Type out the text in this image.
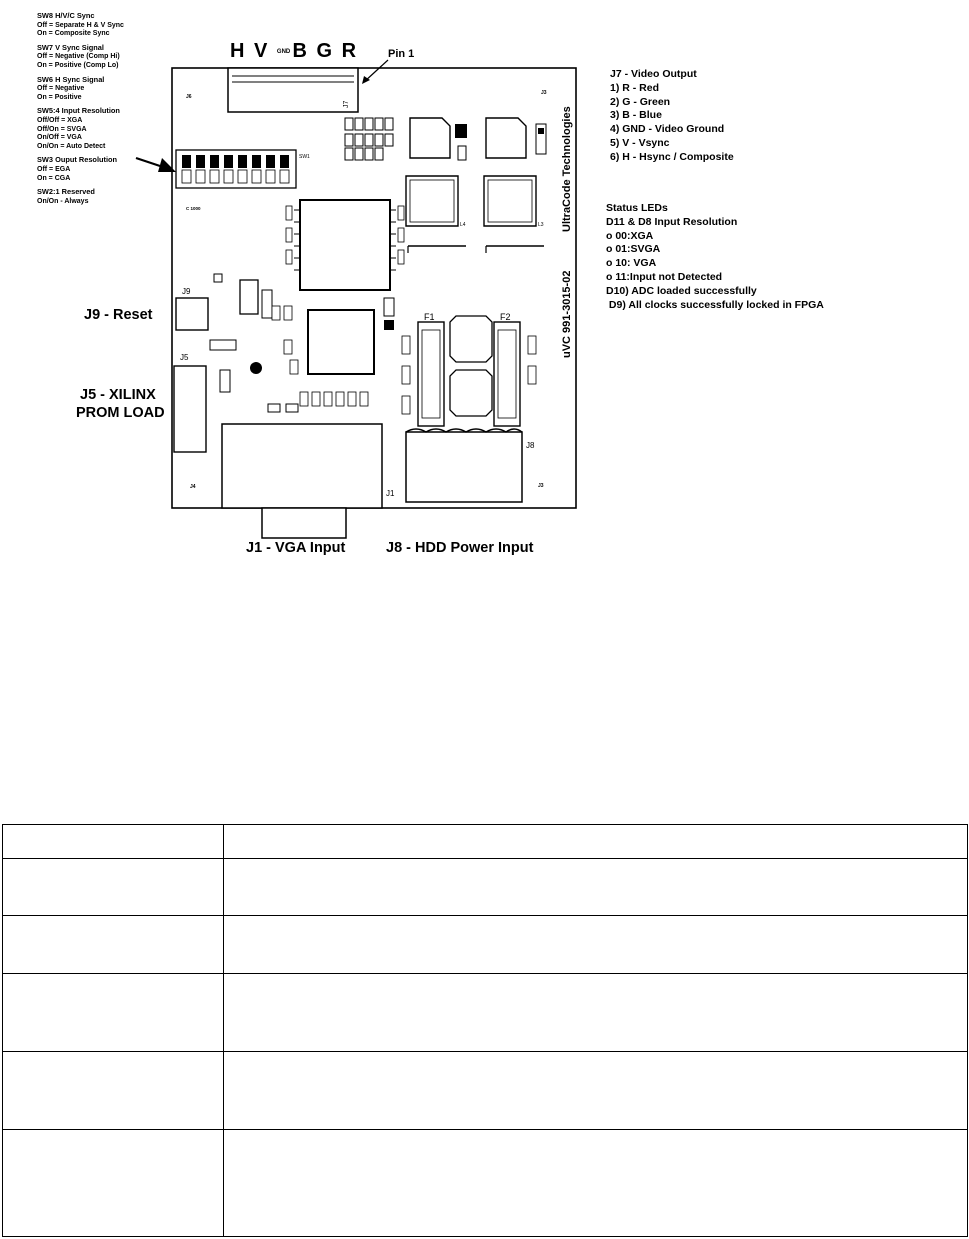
SW8 H/V/C Sync
Off = Separate H & V Sync
On = Composite Sync
SW7 V Sync Signal
Off = Negative (Comp Hi)
On = Positive (Comp Lo)
SW6 H Sync Signal
Off = Negative
On = Positive
SW5:4 Input Resolution
Off/Off = XGA
Off/On = SVGA
On/Off = VGA
On/On = Auto Detect
SW3 Ouput Resolution
Off = EGA
On = CGA
SW2:1 Reserved
On/On - Always
J7
J6
J3
J4	J3
L4	L3
SW1
J9
J5
J1
F1	F2
J8
UltraCode Technologies
uVC 991-3015-02
C 1000
H V GND B G R	Pin 1
J7 - Video Output
1) R - Red
2) G - Green
3) B - Blue
4) GND - Video Ground
5) V - Vsync
6) H - Hsync / Composite
Status LEDs
D11 & D8 Input Resolution
o 00:XGA
o 01:SVGA
o 10: VGA
o 11:Input not Detected
D10) ADC loaded successfully
D9) All clocks successfully locked in FPGA
J9 - Reset
J5 - XILINX
PROM LOAD
J1 - VGA Input	J8 - HDD Power Input
